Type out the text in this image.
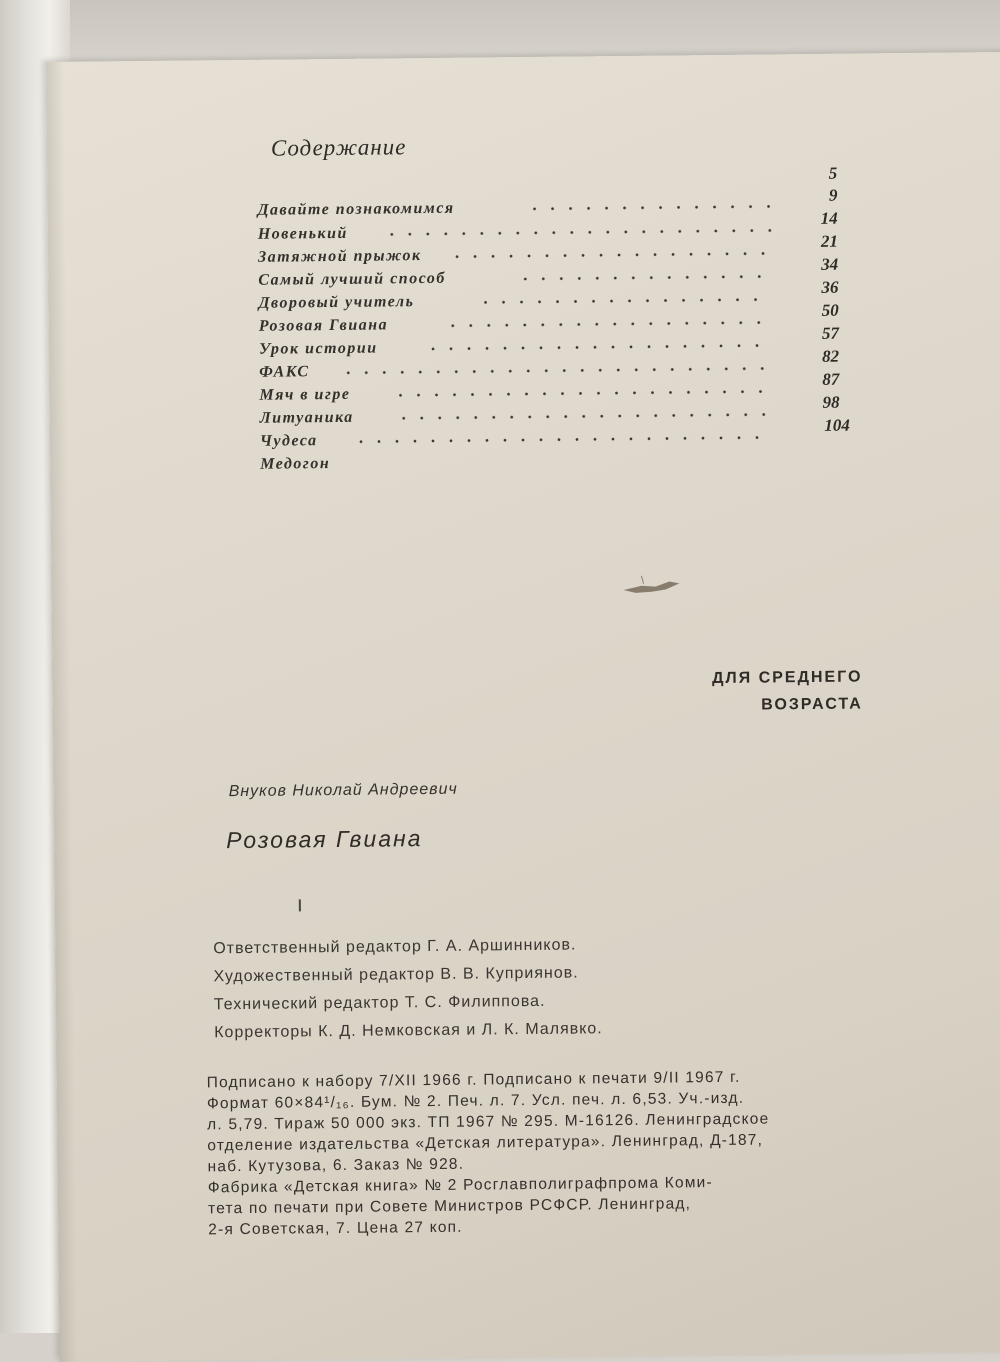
Содержание
5
9
14
21
34
36
50
57
82
87
98
104
Давайте познакомимся
Новенький
Затяжной прыжок
Самый лучший способ
Дворовый учитель
Розовая Гвиана
Урок истории
ФАКС
Мяч в игре
Литуаника
Чудеса
Медогон
ДЛЯ СРЕДНЕГО
ВОЗРАСТА
Внуков Николай Андреевич
Розовая Гвиана
Ответственный редактор Г. А. Аршинников.
Художественный редактор В. В. Куприянов.
Технический редактор Т. С. Филиппова.
Корректоры К. Д. Немковская и Л. К. Малявко.
Подписано к набору 7/XII 1966 г. Подписано к печати 9/II 1967 г.
Формат 60×84¹/₁₆. Бум. № 2. Печ. л. 7. Усл. печ. л. 6,53. Уч.-изд.
л. 5,79. Тираж 50 000 экз. ТП 1967 № 295. М-16126. Ленинградское
отделение издательства «Детская литература». Ленинград, Д-187,
наб. Кутузова, 6. Заказ № 928.
Фабрика «Детская книга» № 2 Росглавполиграфпрома Коми-
тета по печати при Совете Министров РСФСР. Ленинград,
2-я Советская, 7. Цена 27 коп.
